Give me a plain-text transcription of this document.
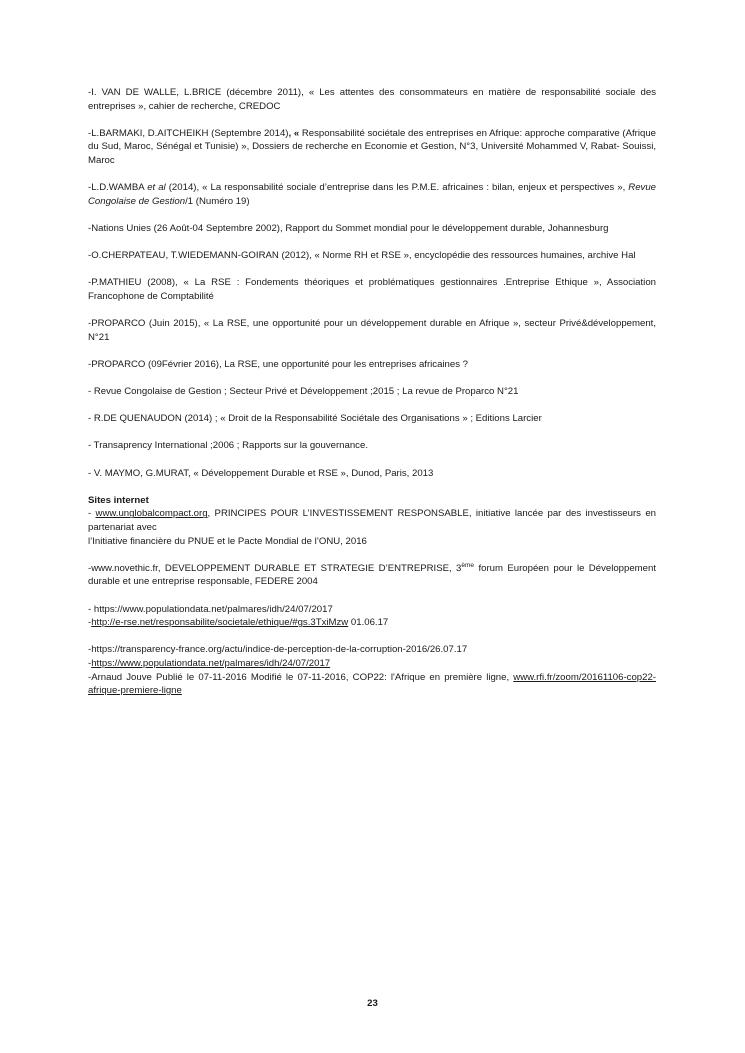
-I. VAN DE WALLE, L.BRICE (décembre 2011), « Les attentes des consommateurs en matière de responsabilité sociale des entreprises », cahier de recherche, CREDOC

-L.BARMAKI, D.AITCHEIKH (Septembre 2014), « Responsabilité sociétale des entreprises en Afrique: approche comparative (Afrique du Sud, Maroc, Sénégal et Tunisie) », Dossiers de recherche en Economie et Gestion, N°3, Université Mohammed V, Rabat- Souissi, Maroc

-L.D.WAMBA et al (2014), « La responsabilité sociale d’entreprise dans les P.M.E. africaines : bilan, enjeux et perspectives », Revue Congolaise de Gestion/1 (Numéro 19)

-Nations Unies (26 Août-04 Septembre 2002), Rapport du Sommet mondial pour le développement durable, Johannesburg

-O.CHERPATEAU, T.WIEDEMANN-GOIRAN (2012), « Norme RH et RSE », encyclopédie des ressources humaines, archive Hal

-P.MATHIEU (2008), « La RSE : Fondements théoriques et problématiques gestionnaires .Entreprise Ethique », Association Francophone de Comptabilité

-PROPARCO (Juin 2015), « La RSE, une opportunité pour un développement durable en Afrique », secteur Privé&développement, N°21

-PROPARCO (09Février 2016), La RSE, une opportunité pour les entreprises africaines ?

- Revue Congolaise de Gestion ; Secteur Privé et Développement ;2015 ; La revue de Proparco N°21

- R.DE QUENAUDON (2014) ; « Droit de la Responsabilité Sociétale des Organisations » ; Editions Larcier

- Transaprency International ;2006 ; Rapports sur la gouvernance.

- V. MAYMO, G.MURAT, « Développement Durable et RSE », Dunod, Paris, 2013

Sites internet

- www.unglobalcompact.org, PRINCIPES POUR L’INVESTISSEMENT RESPONSABLE, initiative lancée par des investisseurs en partenariat avec
l’Initiative financière du PNUE et le Pacte Mondial de l’ONU, 2016

-www.novethic.fr, DEVELOPPEMENT DURABLE ET STRATEGIE D’ENTREPRISE, 3ème forum Européen pour le Développement durable et une entreprise responsable, FEDERE 2004

- https://www.populationdata.net/palmares/idh/24/07/2017
-http://e-rse.net/responsabilite/societale/ethique/#gs.3TxiMzw 01.06.17

-https://transparency-france.org/actu/indice-de-perception-de-la-corruption-2016/26.07.17
-https://www.populationdata.net/palmares/idh/24/07/2017
-Arnaud Jouve Publié le 07-11-2016 Modifié le 07-11-2016, COP22: l'Afrique en première ligne, www.rfi.fr/zoom/20161106-cop22-afrique-premiere-ligne

23
